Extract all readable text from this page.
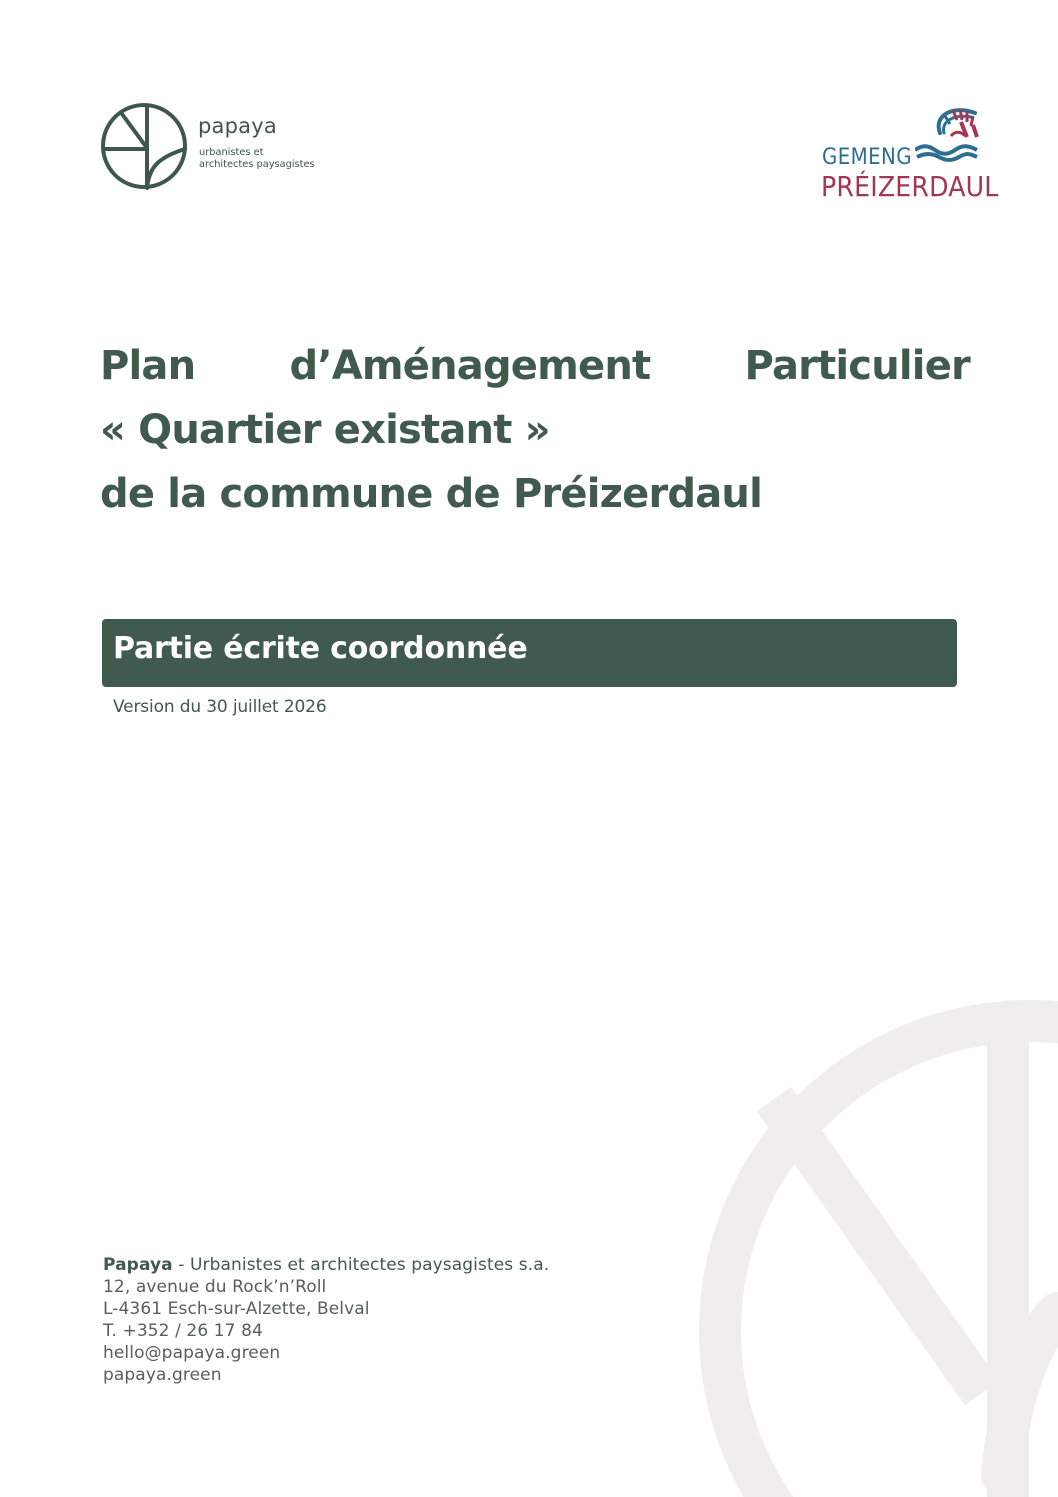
papaya
urbanistes et
architectes paysagistes	GEMENG
PRÉIZERDAUL
Plan d’Aménagement Particulier
« Quartier existant »
de la commune de Préizerdaul
Partie écrite coordonnée
Version du 30 juillet 2026
Papaya - Urbanistes et architectes paysagistes s.a.
12, avenue du Rock’n’Roll
L-4361 Esch-sur-Alzette, Belval
T. +352 / 26 17 84
hello@papaya.green
papaya.green
